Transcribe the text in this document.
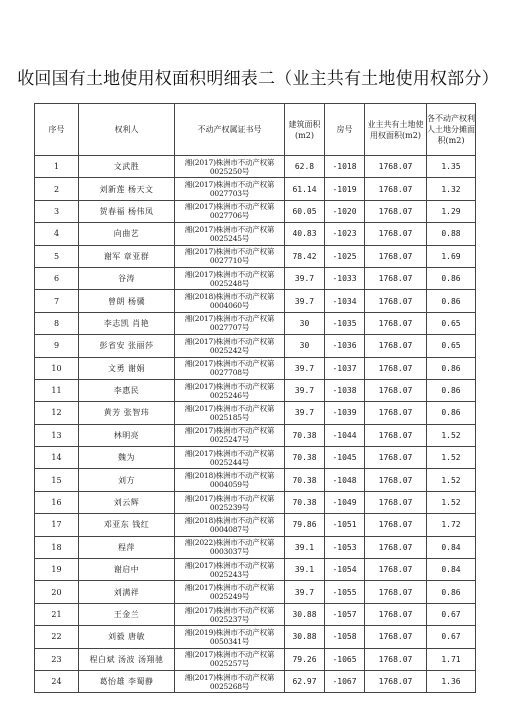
收回国有土地使用权面积明细表二（业主共有土地使用权部分）
序号	权利人	不动产权属证书号	建筑面积(m2)	房号	业主共有土地使用权面积(m2)	各不动产权利人土地分摊面积(m2)
1	文武胜	湘(2017)株洲市不动产权第0025250号	62.8	-1018	1768.07	1.35
2	刘新莲 杨天文	湘(2017)株洲市不动产权第0027703号	61.14	-1019	1768.07	1.32
3	贺春福 杨伟凤	湘(2017)株洲市不动产权第0027706号	60.05	-1020	1768.07	1.29
4	向曲艺	湘(2017)株洲市不动产权第0025245号	40.83	-1023	1768.07	0.88
5	谢军 章亚群	湘(2017)株洲市不动产权第0027710号	78.42	-1025	1768.07	1.69
6	谷涛	湘(2017)株洲市不动产权第0025248号	39.7	-1033	1768.07	0.86
7	曾朗 杨骥	湘(2018)株洲市不动产权第0004060号	39.7	-1034	1768.07	0.86
8	李志凯 肖艳	湘(2017)株洲市不动产权第0027707号	30	-1035	1768.07	0.65
9	彭省安 张丽莎	湘(2017)株洲市不动产权第0025242号	30	-1036	1768.07	0.65
10	文勇 谢娟	湘(2017)株洲市不动产权第0027708号	39.7	-1037	1768.07	0.86
11	李惠民	湘(2017)株洲市不动产权第0025246号	39.7	-1038	1768.07	0.86
12	黄芳 张智玮	湘(2017)株洲市不动产权第0025185号	39.7	-1039	1768.07	0.86
13	林明亮	湘(2017)株洲市不动产权第0025247号	70.38	-1044	1768.07	1.52
14	魏为	湘(2017)株洲市不动产权第0025244号	70.38	-1045	1768.07	1.52
15	刘方	湘(2018)株洲市不动产权第0004059号	70.38	-1048	1768.07	1.52
16	刘云辉	湘(2017)株洲市不动产权第0025239号	70.38	-1049	1768.07	1.52
17	邓亚东 钱红	湘(2018)株洲市不动产权第0004087号	79.86	-1051	1768.07	1.72
18	程萍	湘(2022)株洲市不动产权第0003037号	39.1	-1053	1768.07	0.84
19	谢启中	湘(2017)株洲市不动产权第0025243号	39.1	-1054	1768.07	0.84
20	刘满祥	湘(2017)株洲市不动产权第0025249号	39.7	-1055	1768.07	0.86
21	王金兰	湘(2017)株洲市不动产权第0025237号	30.88	-1057	1768.07	0.67
22	刘毅 唐敏	湘(2019)株洲市不动产权第0050341号	30.88	-1058	1768.07	0.67
23	程白斌 汤波 汤翔驰	湘(2017)株洲市不动产权第0025257号	79.26	-1065	1768.07	1.71
24	葛怡雄 李蜀静	湘(2017)株洲市不动产权第0025268号	62.97	-1067	1768.07	1.36
